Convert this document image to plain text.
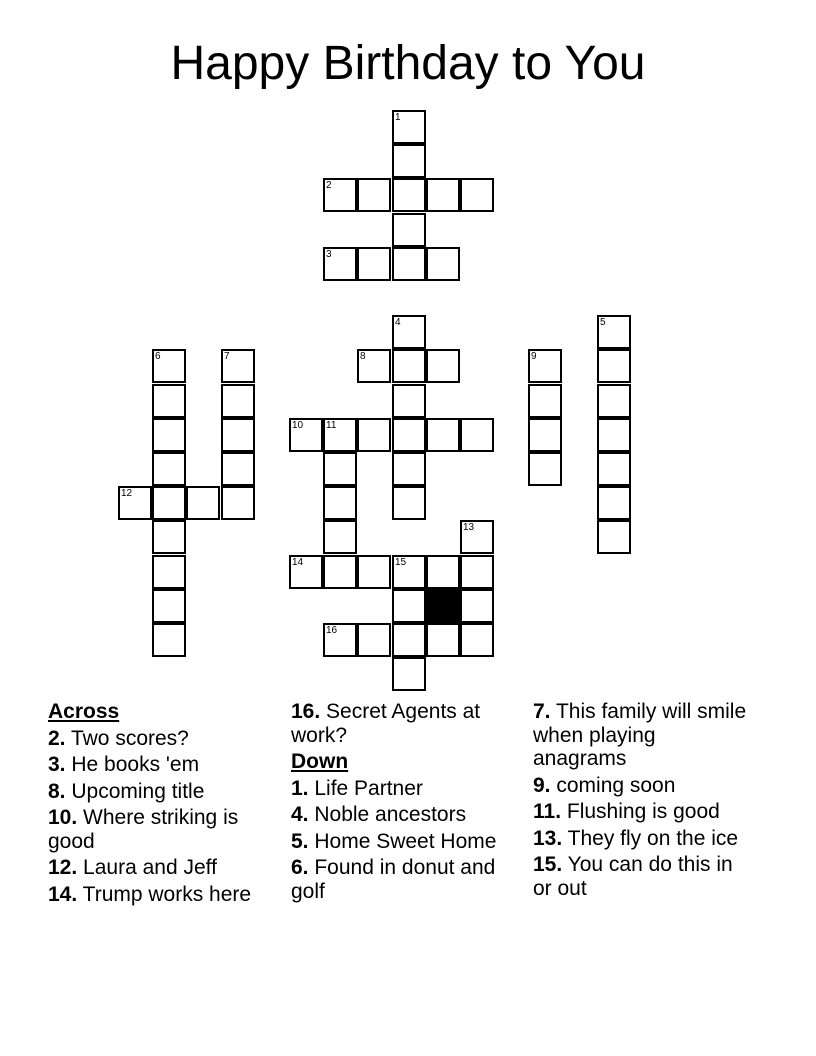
Happy Birthday to You
1
2
3
4	5
6	7	8	9
10 11
12
13
14	15
16
Across
2. Two scores?
3. He books 'em
8. Upcoming title
10. Where striking is good
12. Laura and Jeff
14. Trump works here
16. Secret Agents at work?
Down
1. Life Partner
4. Noble ancestors
5. Home Sweet Home
6. Found in donut and golf
7. This family will smile when playing anagrams
9. coming soon
11. Flushing is good
13. They fly on the ice
15. You can do this in or out
